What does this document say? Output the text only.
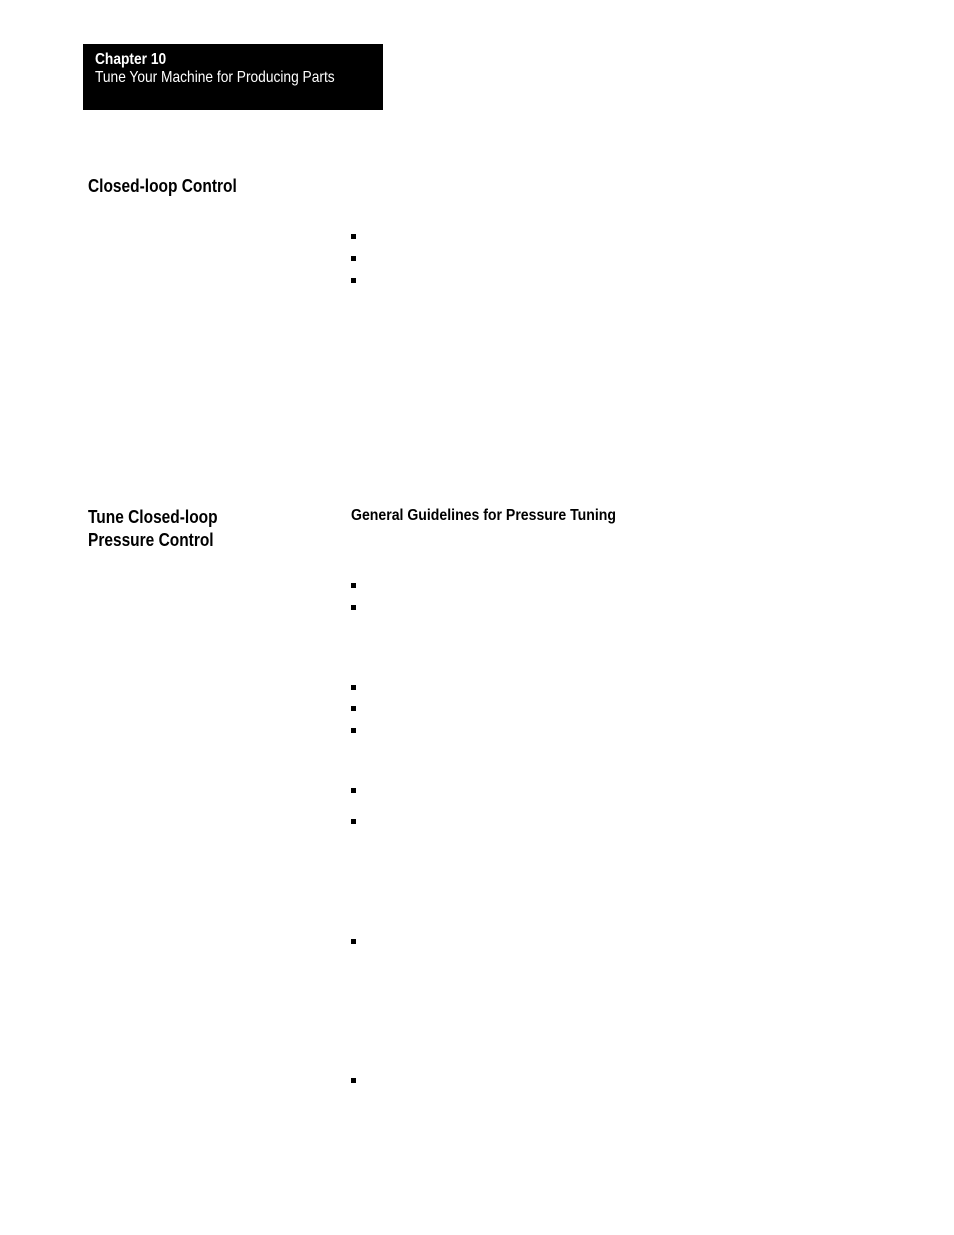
Chapter 10
Tune Your Machine for Producing Parts
Closed-loop Control
Tune Closed-loop
Pressure Control
General Guidelines for Pressure Tuning
